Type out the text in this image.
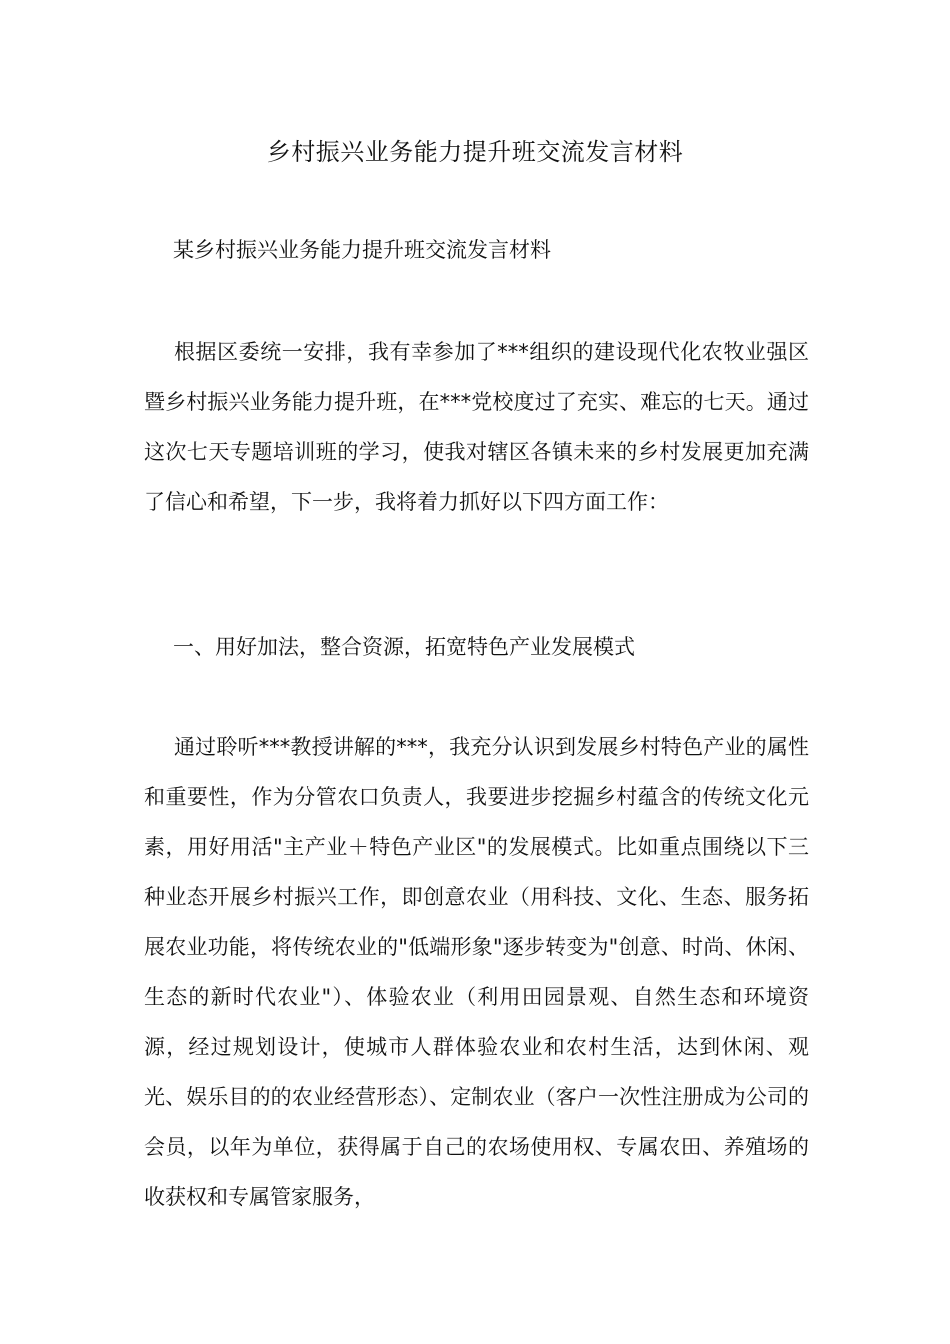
乡村振兴业务能力提升班交流发言材料
某乡村振兴业务能力提升班交流发言材料

根据区委统一安排，我有幸参加了***组织的建设现代化农牧业强区暨乡村振兴业务能力提升班，在***党校度过了充实、难忘的七天。通过这次七天专题培训班的学习，使我对辖区各镇未来的乡村发展更加充满了信心和希望，下一步，我将着力抓好以下四方面工作：

一、用好加法，整合资源，拓宽特色产业发展模式

通过聆听***教授讲解的***，我充分认识到发展乡村特色产业的属性和重要性，作为分管农口负责人，我要进步挖掘乡村蕴含的传统文化元素，用好用活"主产业＋特色产业区"的发展模式。比如重点围绕以下三种业态开展乡村振兴工作，即创意农业（用科技、文化、生态、服务拓展农业功能，将传统农业的"低端形象"逐步转变为"创意、时尚、休闲、生态的新时代农业"）、体验农业（利用田园景观、自然生态和环境资源，经过规划设计，使城市人群体验农业和农村生活，达到休闲、观光、娱乐目的的农业经营形态）、定制农业（客户一次性注册成为公司的会员，以年为单位，获得属于自己的农场使用权、专属农田、养殖场的收获权和专属管家服务，
